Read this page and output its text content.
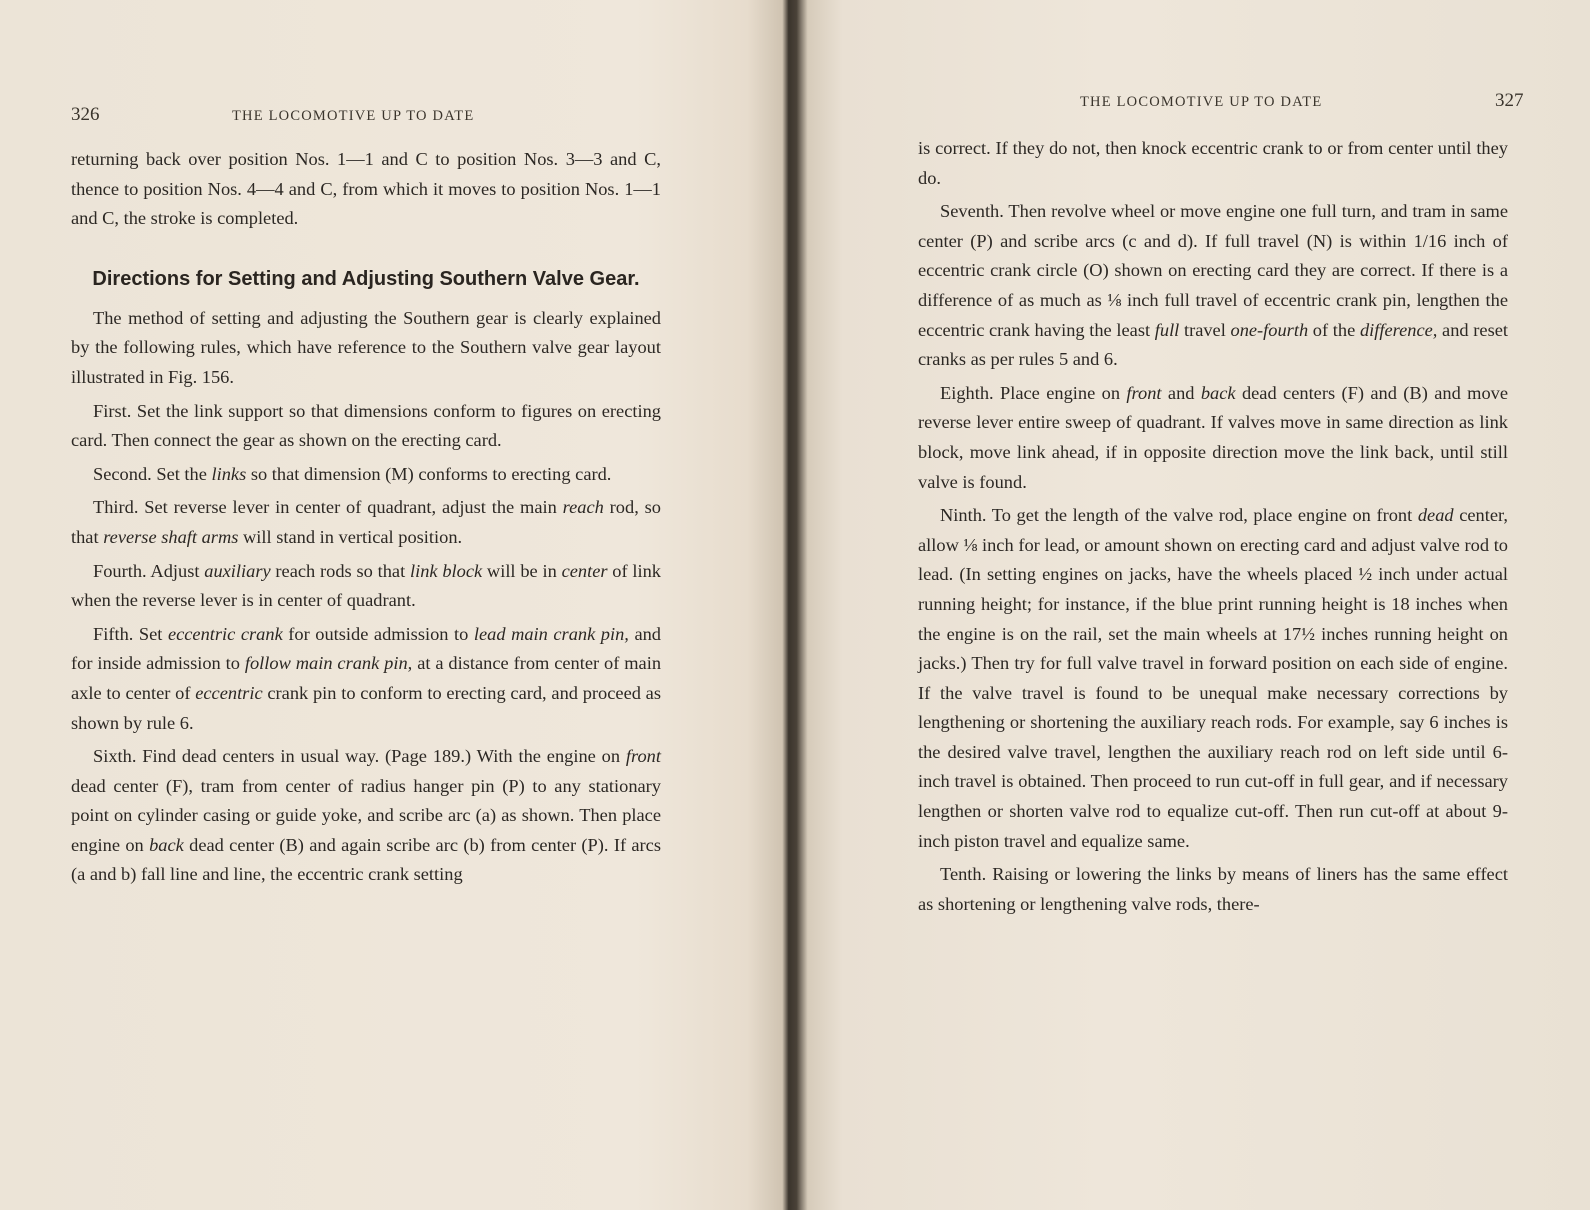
326	THE LOCOMOTIVE UP TO DATE

returning back over position Nos. 1—1 and C to position Nos. 3—3 and C, thence to position Nos. 4—4 and C, from which it moves to position Nos. 1—1 and C, the stroke is completed.

Directions for Setting and Adjusting Southern Valve Gear.

The method of setting and adjusting the Southern gear is clearly explained by the following rules, which have reference to the Southern valve gear layout illustrated in Fig. 156.

First. Set the link support so that dimensions conform to figures on erecting card. Then connect the gear as shown on the erecting card.

Second. Set the links so that dimension (M) conforms to erecting card.

Third. Set reverse lever in center of quadrant, adjust the main reach rod, so that reverse shaft arms will stand in vertical position.

Fourth. Adjust auxiliary reach rods so that link block will be in center of link when the reverse lever is in center of quadrant.

Fifth. Set eccentric crank for outside admission to lead main crank pin, and for inside admission to follow main crank pin, at a distance from center of main axle to center of eccentric crank pin to conform to erecting card, and proceed as shown by rule 6.

Sixth. Find dead centers in usual way. (Page 189.) With the engine on front dead center (F), tram from center of radius hanger pin (P) to any stationary point on cylinder casing or guide yoke, and scribe arc (a) as shown. Then place engine on back dead center (B) and again scribe arc (b) from center (P). If arcs (a and b) fall line and line, the eccentric crank setting

THE LOCOMOTIVE UP TO DATE	327

is correct. If they do not, then knock eccentric crank to or from center until they do.

Seventh. Then revolve wheel or move engine one full turn, and tram in same center (P) and scribe arcs (c and d). If full travel (N) is within 1/16 inch of eccentric crank circle (O) shown on erecting card they are correct. If there is a difference of as much as ⅛ inch full travel of eccentric crank pin, lengthen the eccentric crank having the least full travel one-fourth of the difference, and reset cranks as per rules 5 and 6.

Eighth. Place engine on front and back dead centers (F) and (B) and move reverse lever entire sweep of quadrant. If valves move in same direction as link block, move link ahead, if in opposite direction move the link back, until still valve is found.

Ninth. To get the length of the valve rod, place engine on front dead center, allow ⅛ inch for lead, or amount shown on erecting card and adjust valve rod to lead. (In setting engines on jacks, have the wheels placed ½ inch under actual running height; for instance, if the blue print running height is 18 inches when the engine is on the rail, set the main wheels at 17½ inches running height on jacks.) Then try for full valve travel in forward position on each side of engine. If the valve travel is found to be unequal make necessary corrections by lengthening or shortening the auxiliary reach rods. For example, say 6 inches is the desired valve travel, lengthen the auxiliary reach rod on left side until 6-inch travel is obtained. Then proceed to run cut-off in full gear, and if necessary lengthen or shorten valve rod to equalize cut-off. Then run cut-off at about 9-inch piston travel and equalize same.

Tenth. Raising or lowering the links by means of liners has the same effect as shortening or lengthening valve rods, there-
